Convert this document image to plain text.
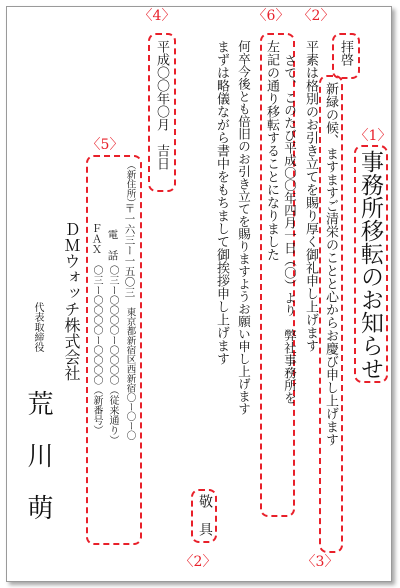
〈1〉
〈2〉
〈2〉	〈3〉
〈4〉
〈5〉
〈6〉
事務所移転のお知らせ
拝啓
新緑の候、ますますご清栄のことと心からお慶び申し上げます
平素は格別のお引き立てを賜り厚く御礼申し上げます
さて、このたび平成〇〇年四月一日（〇）より　弊社事務所を
左記の通り移転することになりました
何卒今後とも倍旧のお引き立てを賜りますようお願い申し上げます
まずは略儀ながら書中をもちまして御挨拶申し上げます
敬　具
平成〇〇年〇月　吉日
（新住所）
〒一六三ー一五〇三
東京都新宿区西新宿〇ー〇ー〇
電　話
〇三ー〇〇〇〇ー〇〇〇〇（従来通り）
ＦＡＸ
〇三ー〇〇〇〇ー〇〇〇〇（新番号）
ＤＭウォッチ株式会社
代表取締役
荒　川　萌
